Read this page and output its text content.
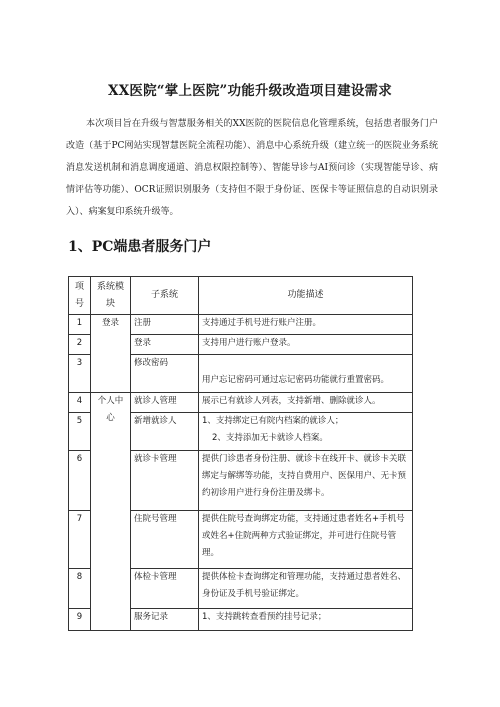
XX医院“掌上医院”功能升级改造项目建设需求
本次项目旨在升级与智慧服务相关的XX医院的医院信息化管理系统，包括患者服务门户改造（基于PC网站实现智慧医院全流程功能）、消息中心系统升级（建立统一的医院业务系统消息发送机制和消息调度通道、消息权限控制等）、智能导诊与AI预问诊（实现智能导诊、病情评估等功能）、OCR证照识别服务（支持但不限于身份证、医保卡等证照信息的自动识别录入）、病案复印系统升级等。
1、PC端患者服务门户
项号	系统模块	子系统	功能描述
1	登录	注册	支持通过手机号进行账户注册。
2		登录	支持用户进行账户登录。
3		修改密码	用户忘记密码可通过忘记密码功能就行重置密码。
4	个人中心	就诊人管理	展示已有就诊人列表，支持新增、删除就诊人。
5		新增就诊人	1、支持绑定已有院内档案的就诊人；
2、支持添加无卡就诊人档案。

6		就诊卡管理	提供门诊患者身份注册、就诊卡在线开卡、就诊卡关联绑定与解绑等功能，支持自费用户、医保用户、无卡预约初诊用户进行身份注册及绑卡。
7		住院号管理	提供住院号查询绑定功能，支持通过患者姓名+手机号或姓名+住院两种方式验证绑定，并可进行住院号管理。
8		体检卡管理	提供体检卡查询绑定和管理功能，支持通过患者姓名、身份证及手机号验证绑定。
9		服务记录	1、支持跳转查看预约挂号记录；
